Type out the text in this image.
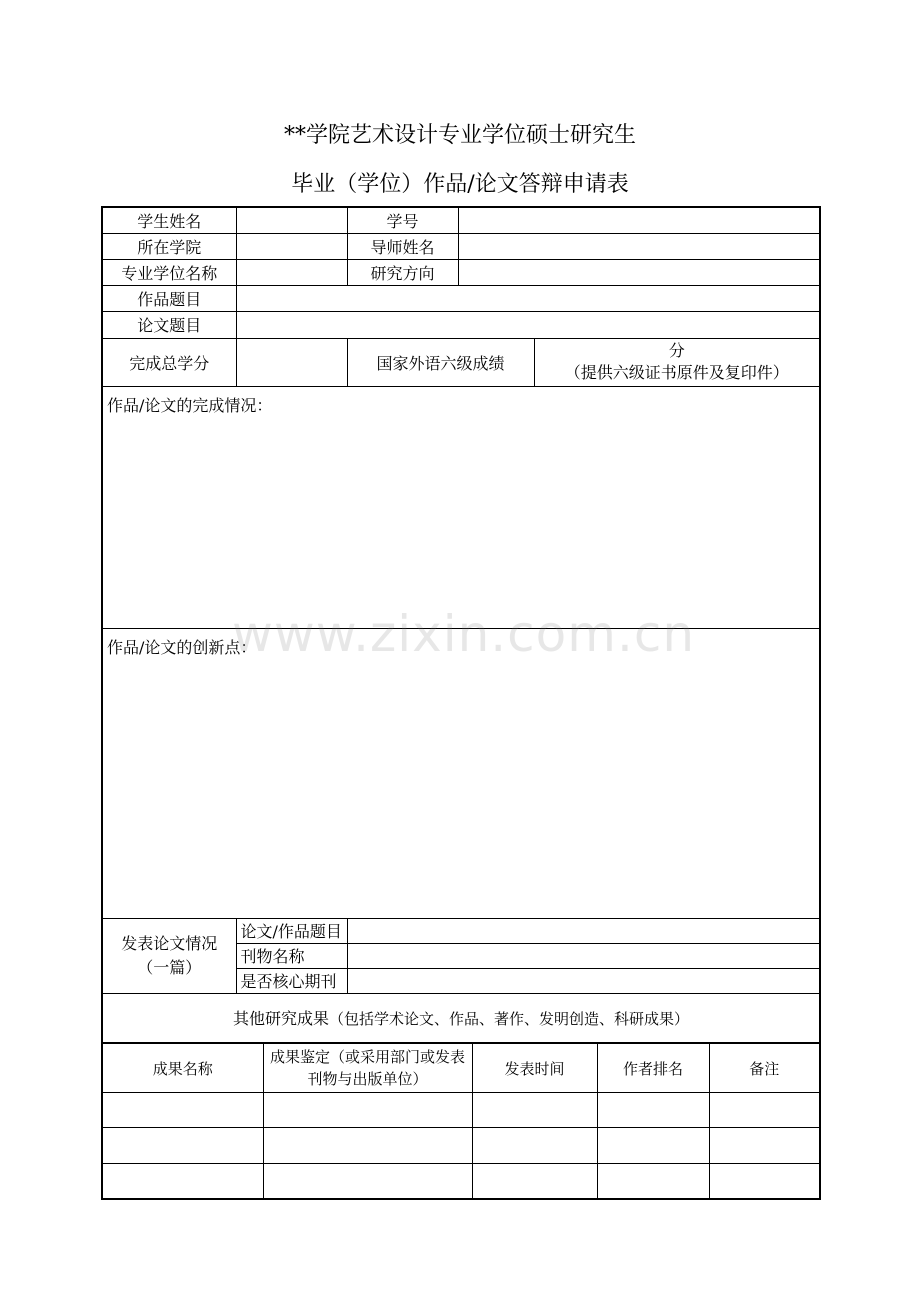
**学院艺术设计专业学位硕士研究生
毕业（学位）作品/论文答辩申请表
学生姓名		学号		
所在学院		导师姓名		
专业学位名称		研究方向		
作品题目				
论文题目				
完成总学分		国家外语六级成绩		分
（提供六级证书原件及复印件）

作品/论文的完成情况：				
作品/论文的创新点：				

发表论文情况
（一篇）	论文/作品题目			
	刊物名称			
	是否核心期刊			
其他研究成果（包括学术论文、作品、著作、发明创造、科研成果）				
成果名称	成果鉴定（或采用部门或发表刊物与出版单位）	发表时间	作者排名	备注

www.zixin.com.cn
